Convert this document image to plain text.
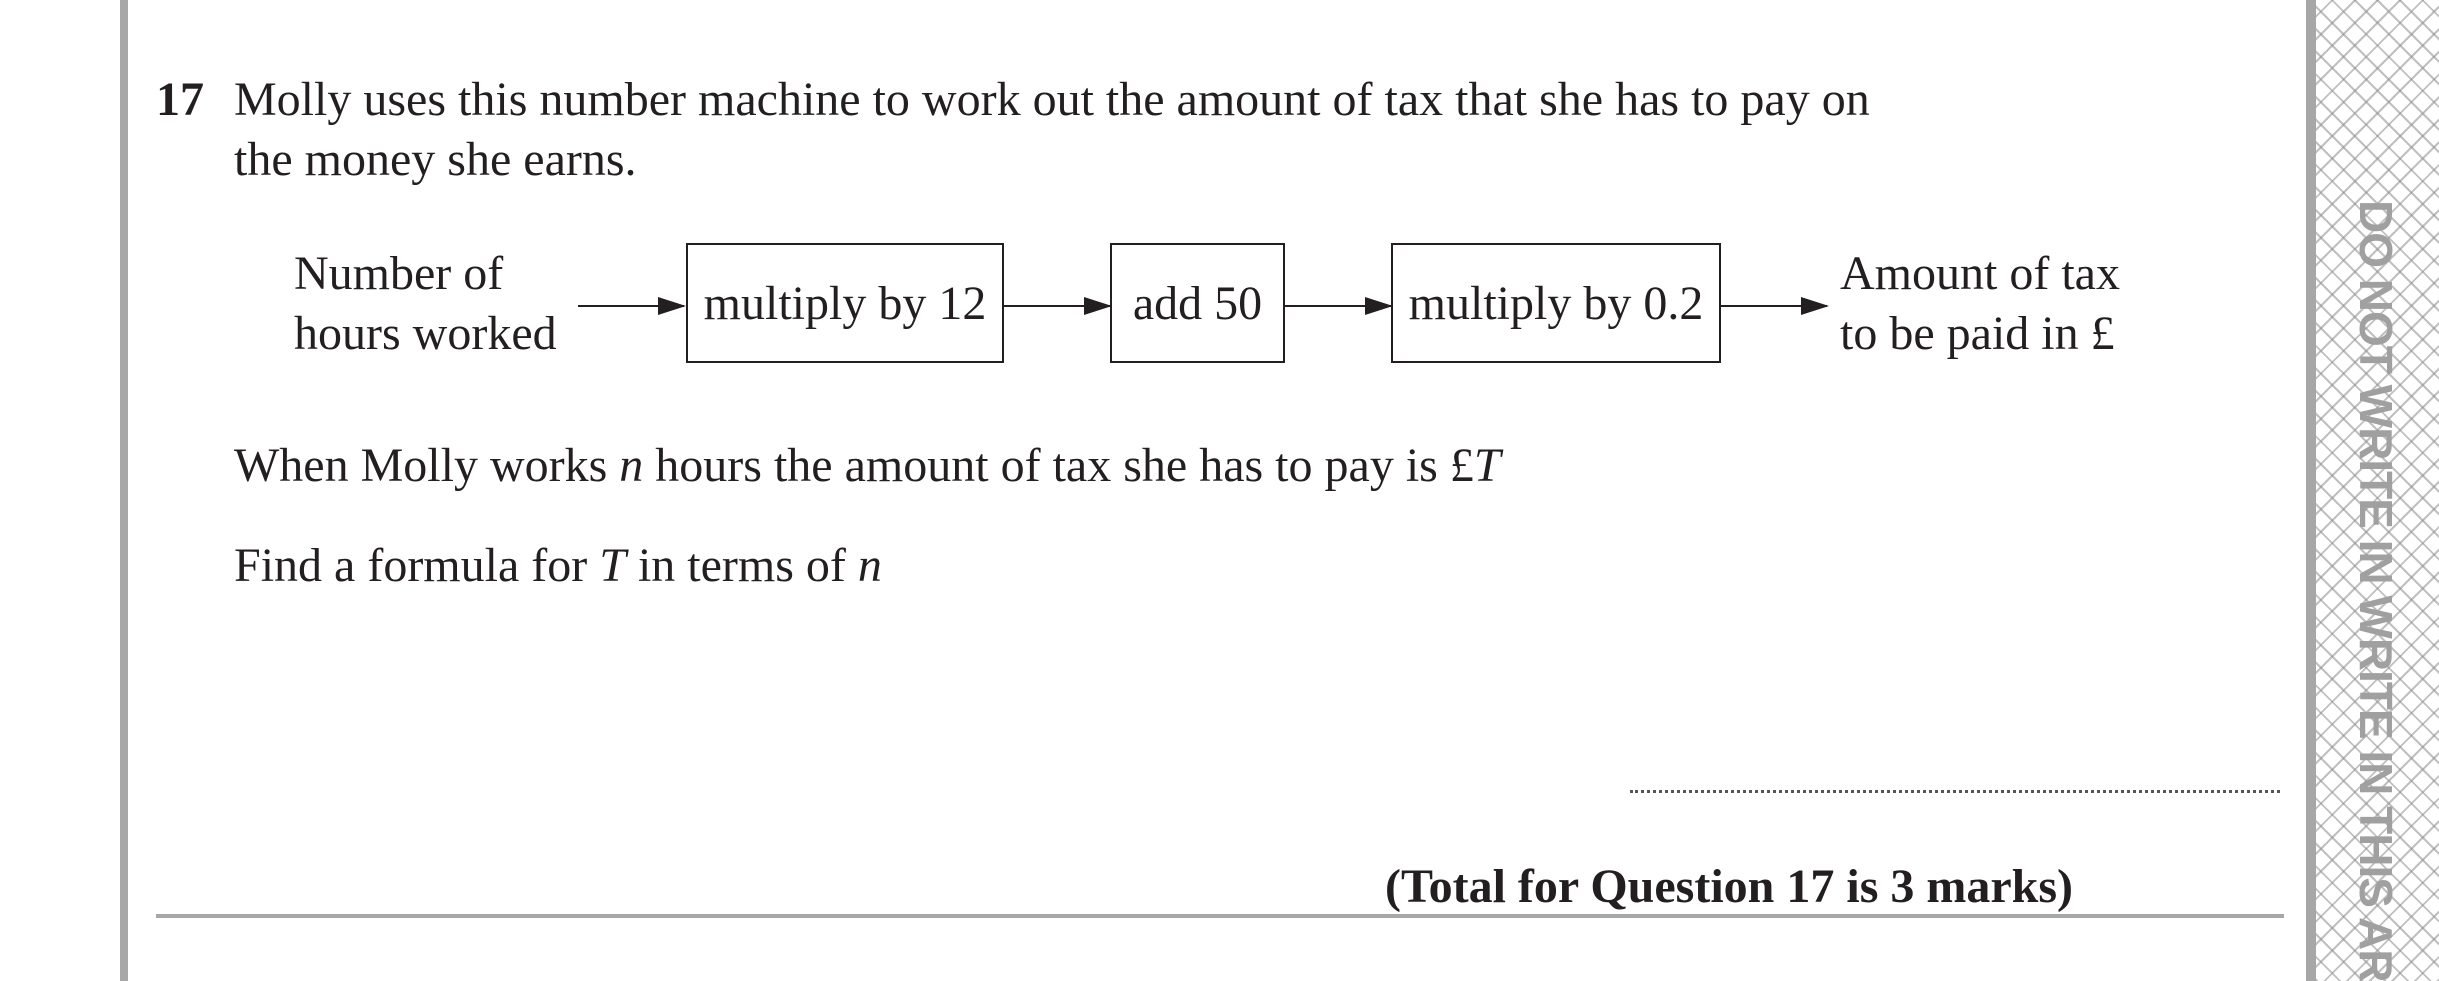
DO NOT WRITE IN WRITE IN THIS AR
17 Molly uses this number machine to work out the amount of tax that she has to pay on
the money she earns.
Number of
hours worked
multiply by 12	add 50	multiply by 0.2
Amount of tax
to be paid in £
When Molly works n hours the amount of tax she has to pay is £T
Find a formula for T in terms of n
(Total for Question 17 is 3 marks)
